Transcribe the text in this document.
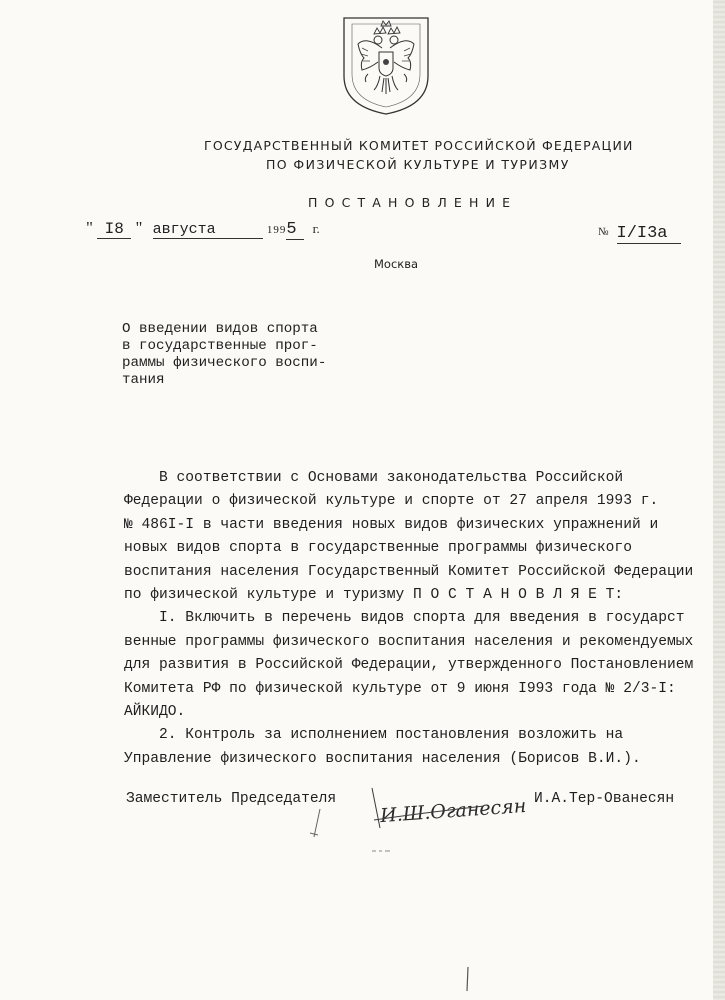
ГОСУДАРСТВЕННЫЙ КОМИТЕТ РОССИЙСКОЙ ФЕДЕРАЦИИ
ПО ФИЗИЧЕСКОЙ КУЛЬТУРЕ И ТУРИЗМУ
П О С Т А Н О В Л Е Н И Е
" I8 " августа	1995 г.	№ I/I3а
Москва
О введении видов спорта
в государственные прог-
раммы физического воспи-
тания
В соответствии с Основами законодательства Российской
Федерации о физической культуре и спорте от 27 апреля 1993 г.
№ 486I-I в части введения новых видов физических упражнений и
новых видов спорта в государственные программы физического
воспитания населения Государственный Комитет Российской Федерации
по физической культуре и туризму П О С Т А Н О В Л Я Е Т:
I. Включить в перечень видов спорта для введения в государст
венные программы физического воспитания населения и рекомендуемых
для развития в Российской Федерации, утвержденного Постановлением
Комитета РФ по физической культуре от 9 июня I993 года № 2/3-I:
АЙКИДО.
2. Контроль за исполнением постановления возложить на
Управление физического воспитания населения (Борисов В.И.).
Заместитель Председателя И.Ш.Оганесян И.А.Тер-Ованесян
